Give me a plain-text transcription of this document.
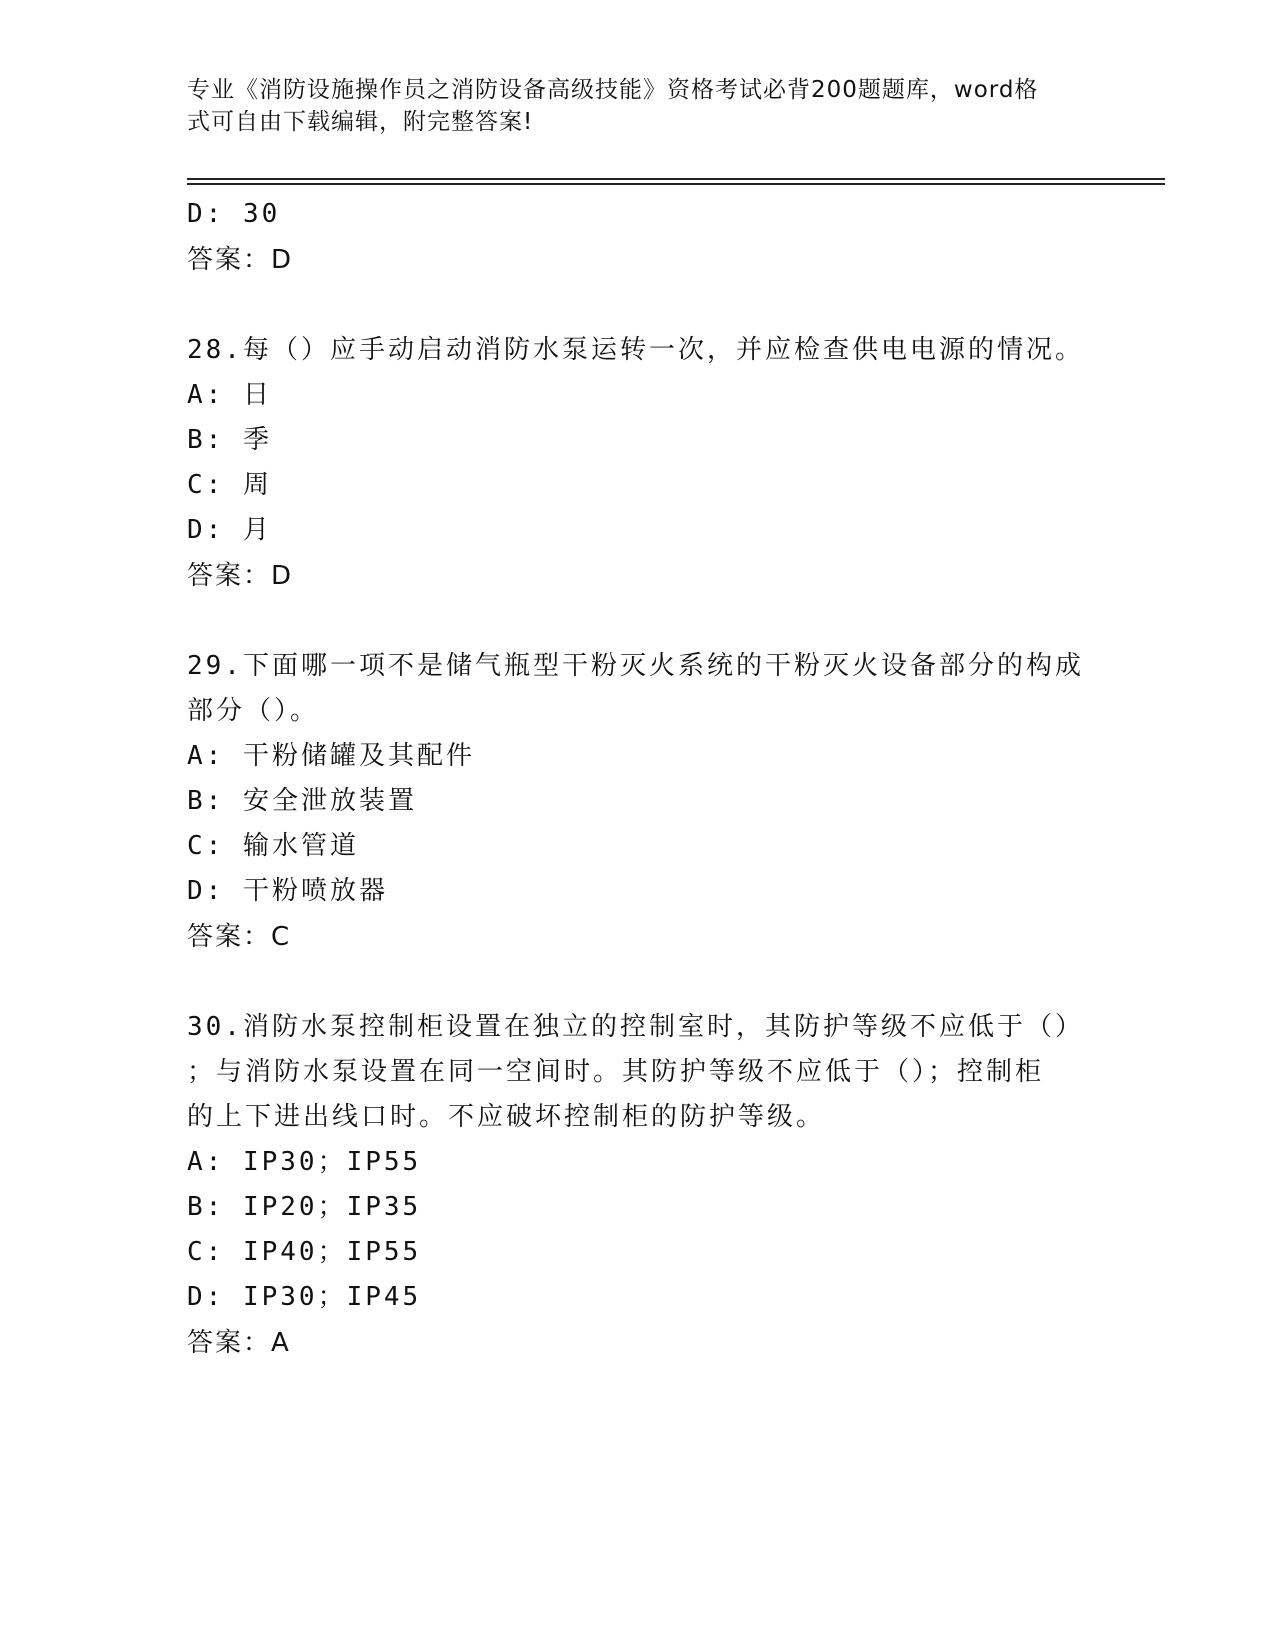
专业《消防设施操作员之消防设备高级技能》资格考试必背200题题库，word格
式可自由下载编辑，附完整答案!
D: 30
答案：D
28.每（）应手动启动消防水泵运转一次，并应检查供电电源的情况。
A: 日
B: 季
C: 周
D: 月
答案：D
29.下面哪一项不是储气瓶型干粉灭火系统的干粉灭火设备部分的构成
部分（）。
A: 干粉储罐及其配件
B: 安全泄放装置
C: 输水管道
D: 干粉喷放器
答案：C
30.消防水泵控制柜设置在独立的控制室时，其防护等级不应低于（）
；与消防水泵设置在同一空间时。其防护等级不应低于（）；控制柜
的上下进出线口时。不应破坏控制柜的防护等级。
A: IP30；IP55
B: IP20；IP35
C: IP40；IP55
D: IP30；IP45
答案：A
